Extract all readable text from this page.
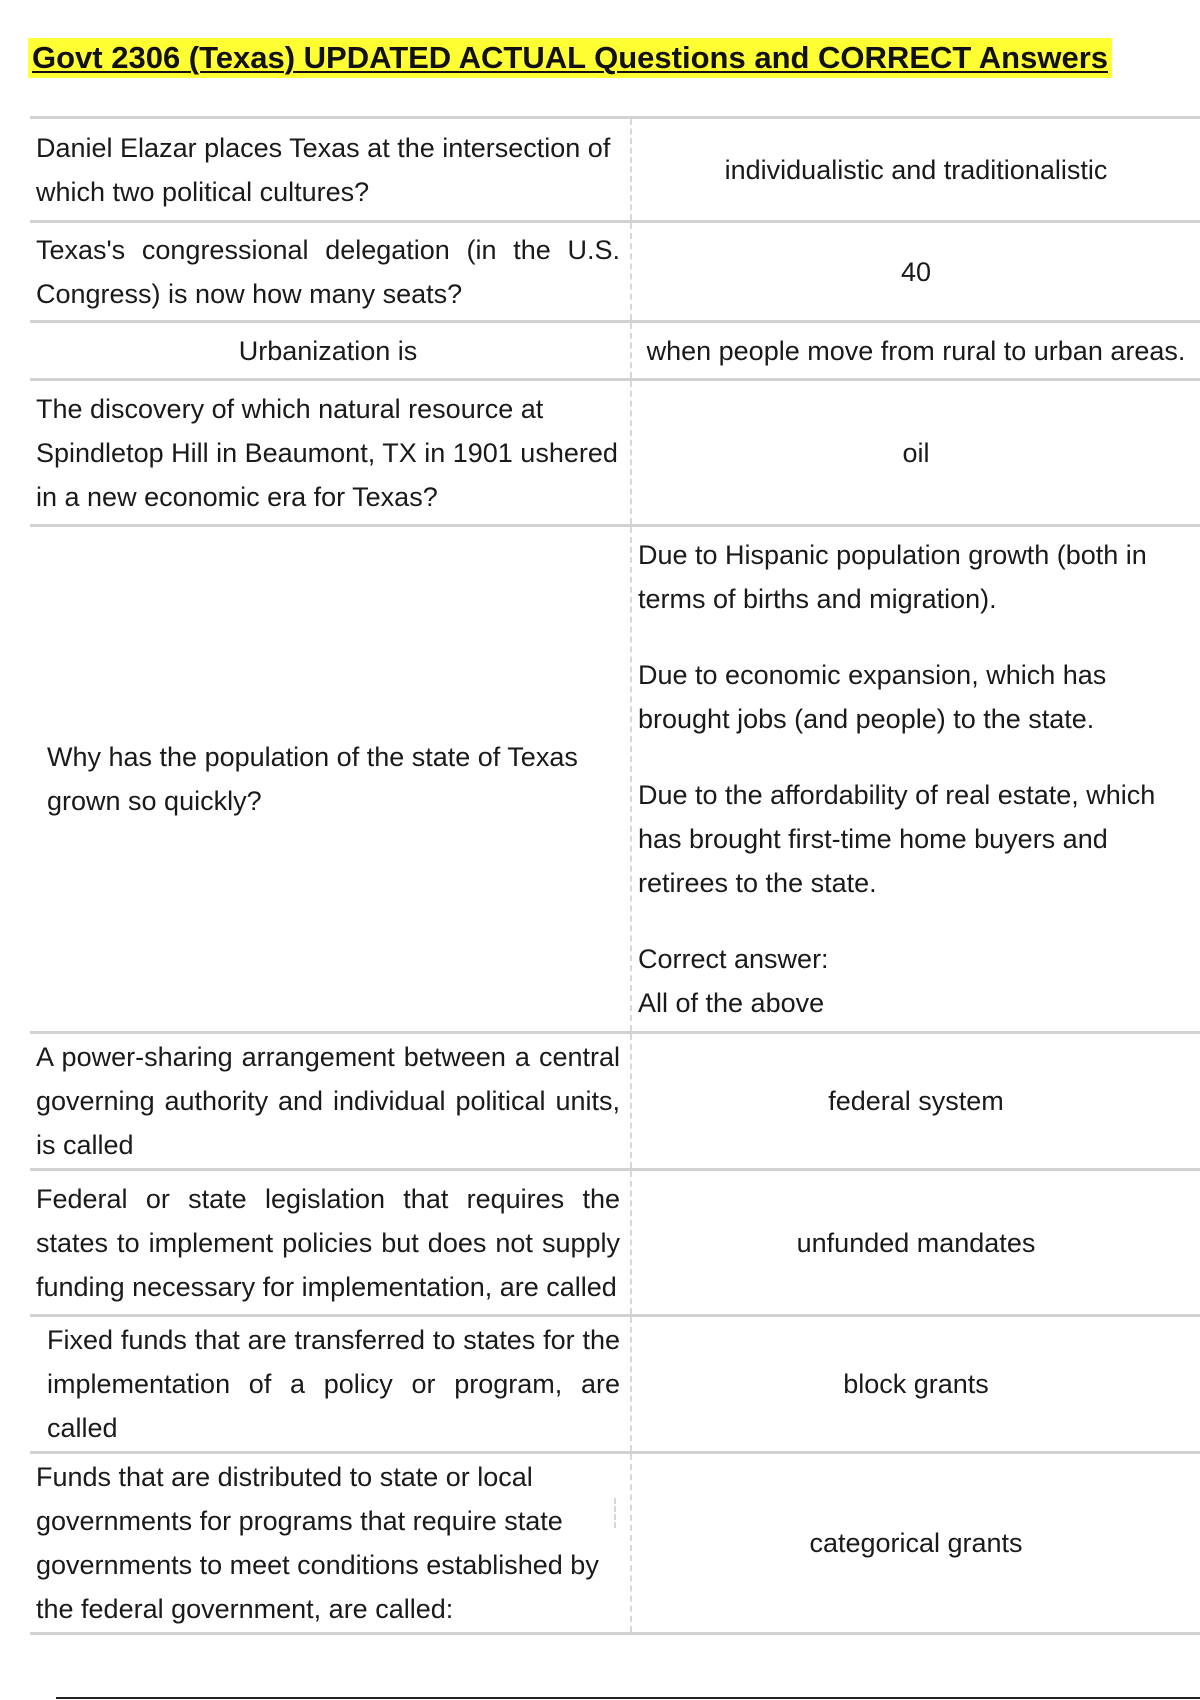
Govt 2306 (Texas) UPDATED ACTUAL Questions and CORRECT Answers
Daniel Elazar places Texas at the intersection of which two political cultures?	individualistic and traditionalistic
Texas's congressional delegation (in the U.S. Congress) is now how many seats?	40
Urbanization is	when people move from rural to urban areas.
The discovery of which natural resource at Spindletop Hill in Beaumont, TX in 1901 ushered in a new economic era for Texas?	oil
Why has the population of the state of Texas grown so quickly?	Due to Hispanic population growth (both in terms of births and migration).

Due to economic expansion, which has brought jobs (and people) to the state.

Due to the affordability of real estate, which has brought first-time home buyers and retirees to the state.

Correct answer:
All of the above

A power-sharing arrangement between a central governing authority and individual political units, is called	federal system
Federal or state legislation that requires the states to implement policies but does not supply funding necessary for implementation, are called	unfunded mandates
Fixed funds that are transferred to states for the implementation of a policy or program, are called	block grants
Funds that are distributed to state or local governments for programs that require state governments to meet conditions established by the federal government, are called:	categorical grants
